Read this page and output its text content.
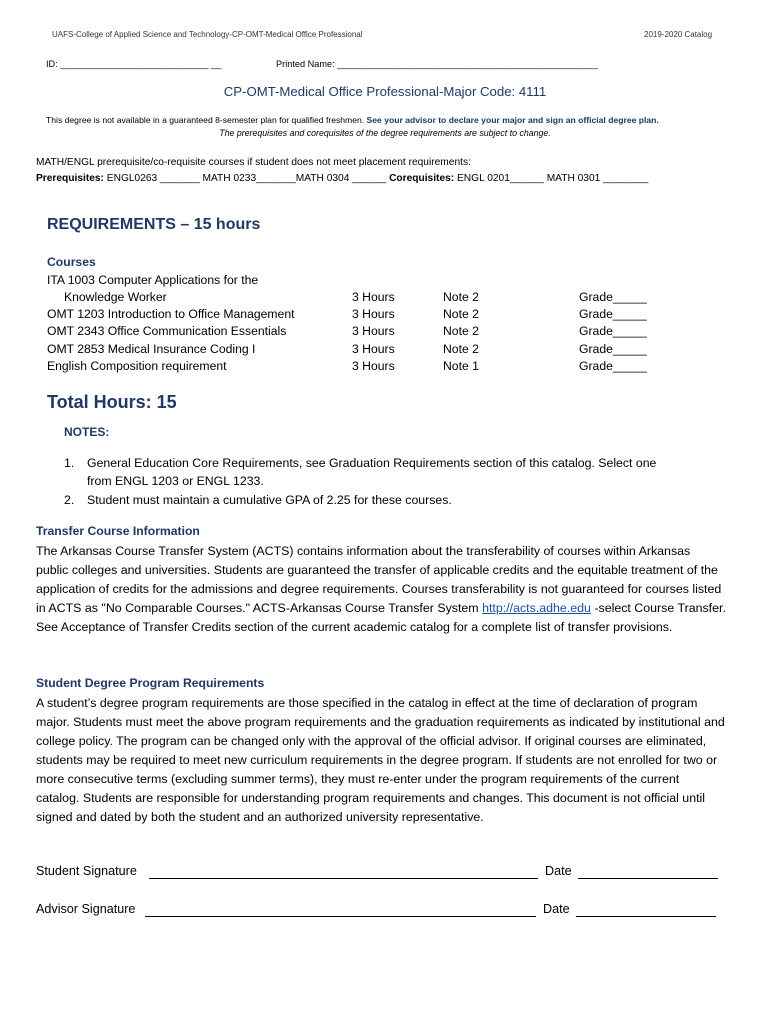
UAFS-College of Applied Science and Technology-CP-OMT-Medical Office Professional	2019-2020 Catalog
ID: _____________________________ __	Printed Name: ___________________________________________________
CP-OMT-Medical Office Professional-Major Code: 4111
This degree is not available in a guaranteed 8-semester plan for qualified freshmen. See your advisor to declare your major and sign an official degree plan.
The prerequisites and corequisites of the degree requirements are subject to change.
MATH/ENGL prerequisite/co-requisite courses if student does not meet placement requirements:
Prerequisites: ENGL0263 _______ MATH 0233_______MATH 0304 ______ Corequisites: ENGL 0201______ MATH 0301 ________
REQUIREMENTS – 15 hours
Courses
ITA 1003 Computer Applications for the
Knowledge Worker	3 Hours	Note 2	Grade_____
OMT 1203 Introduction to Office Management	3 Hours	Note 2	Grade_____
OMT 2343 Office Communication Essentials	3 Hours	Note 2	Grade_____
OMT 2853 Medical Insurance Coding I	3 Hours	Note 2	Grade_____
English Composition requirement	3 Hours	Note 1	Grade_____
Total Hours: 15
NOTES:
1. General Education Core Requirements, see Graduation Requirements section of this catalog. Select one
from ENGL 1203 or ENGL 1233.
2. Student must maintain a cumulative GPA of 2.25 for these courses.
Transfer Course Information
The Arkansas Course Transfer System (ACTS) contains information about the transferability of courses within Arkansas public colleges and universities. Students are guaranteed the transfer of applicable credits and the equitable treatment of the application of credits for the admissions and degree requirements. Courses transferability is not guaranteed for courses listed in ACTS as "No Comparable Courses." ACTS-Arkansas Course Transfer System http://acts.adhe.edu -select Course Transfer. See Acceptance of Transfer Credits section of the current academic catalog for a complete list of transfer provisions.
Student Degree Program Requirements
A student’s degree program requirements are those specified in the catalog in effect at the time of declaration of program major. Students must meet the above program requirements and the graduation requirements as indicated by institutional and college policy. The program can be changed only with the approval of the official advisor. If original courses are eliminated, students may be required to meet new curriculum requirements in the degree program. If students are not enrolled for two or more consecutive terms (excluding summer terms), they must re-enter under the program requirements of the current catalog. Students are responsible for understanding program requirements and changes. This document is not official until signed and dated by both the student and an authorized university representative.
Student Signature	Date
Advisor Signature	Date
